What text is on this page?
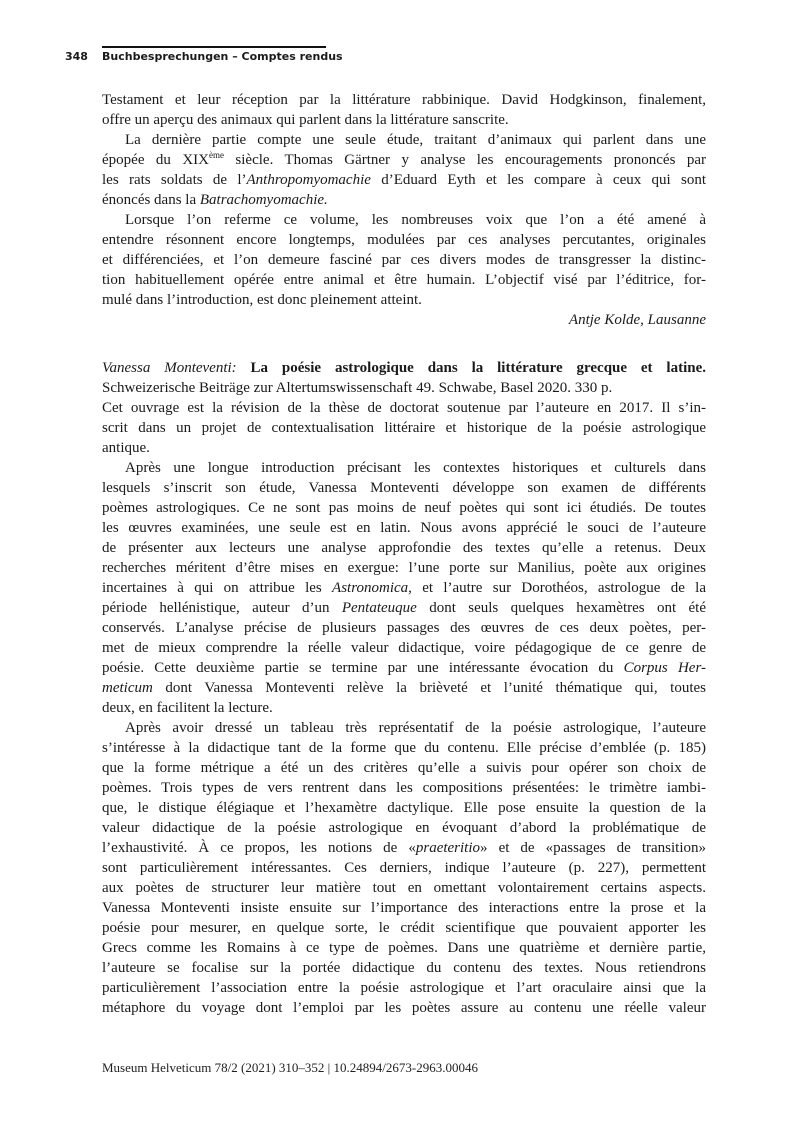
348 Buchbesprechungen – Comptes rendus
Testament et leur réception par la littérature rabbinique. David Hodgkinson, finalement,
offre un aperçu des animaux qui parlent dans la littérature sanscrite.
La dernière partie compte une seule étude, traitant d’animaux qui parlent dans une
épopée du XIXème siècle. Thomas Gärtner y analyse les encouragements prononcés par
les rats soldats de l’Anthropomyomachie d’Eduard Eyth et les compare à ceux qui sont
énoncés dans la Batrachomyomachie.
Lorsque l’on referme ce volume, les nombreuses voix que l’on a été amené à
entendre résonnent encore longtemps, modulées par ces analyses percutantes, originales
et différenciées, et l’on demeure fasciné par ces divers modes de transgresser la distinc-
tion habituellement opérée entre animal et être humain. L’objectif visé par l’éditrice, for-
mulé dans l’introduction, est donc pleinement atteint.
Antje Kolde, Lausanne
Vanessa Monteventi: La poésie astrologique dans la littérature grecque et latine.
Schweizerische Beiträge zur Altertumswissenschaft 49. Schwabe, Basel 2020. 330 p.
Cet ouvrage est la révision de la thèse de doctorat soutenue par l’auteure en 2017. Il s’in-
scrit dans un projet de contextualisation littéraire et historique de la poésie astrologique
antique.
Après une longue introduction précisant les contextes historiques et culturels dans
lesquels s’inscrit son étude, Vanessa Monteventi développe son examen de différents
poèmes astrologiques. Ce ne sont pas moins de neuf poètes qui sont ici étudiés. De toutes
les œuvres examinées, une seule est en latin. Nous avons apprécié le souci de l’auteure
de présenter aux lecteurs une analyse approfondie des textes qu’elle a retenus. Deux
recherches méritent d’être mises en exergue: l’une porte sur Manilius, poète aux origines
incertaines à qui on attribue les Astronomica, et l’autre sur Dorothéos, astrologue de la
période hellénistique, auteur d’un Pentateuque dont seuls quelques hexamètres ont été
conservés. L’analyse précise de plusieurs passages des œuvres de ces deux poètes, per-
met de mieux comprendre la réelle valeur didactique, voire pédagogique de ce genre de
poésie. Cette deuxième partie se termine par une intéressante évocation du Corpus Her-
meticum dont Vanessa Monteventi relève la brièveté et l’unité thématique qui, toutes
deux, en facilitent la lecture.
Après avoir dressé un tableau très représentatif de la poésie astrologique, l’auteure
s’intéresse à la didactique tant de la forme que du contenu. Elle précise d’emblée (p. 185)
que la forme métrique a été un des critères qu’elle a suivis pour opérer son choix de
poèmes. Trois types de vers rentrent dans les compositions présentées: le trimètre iambi-
que, le distique élégiaque et l’hexamètre dactylique. Elle pose ensuite la question de la
valeur didactique de la poésie astrologique en évoquant d’abord la problématique de
l’exhaustivité. À ce propos, les notions de «praeteritio» et de «passages de transition»
sont particulièrement intéressantes. Ces derniers, indique l’auteure (p. 227), permettent
aux poètes de structurer leur matière tout en omettant volontairement certains aspects.
Vanessa Monteventi insiste ensuite sur l’importance des interactions entre la prose et la
poésie pour mesurer, en quelque sorte, le crédit scientifique que pouvaient apporter les
Grecs comme les Romains à ce type de poèmes. Dans une quatrième et dernière partie,
l’auteure se focalise sur la portée didactique du contenu des textes. Nous retiendrons
particulièrement l’association entre la poésie astrologique et l’art oraculaire ainsi que la
métaphore du voyage dont l’emploi par les poètes assure au contenu une réelle valeur
Museum Helveticum 78/2 (2021) 310–352 | 10.24894/2673-2963.00046
